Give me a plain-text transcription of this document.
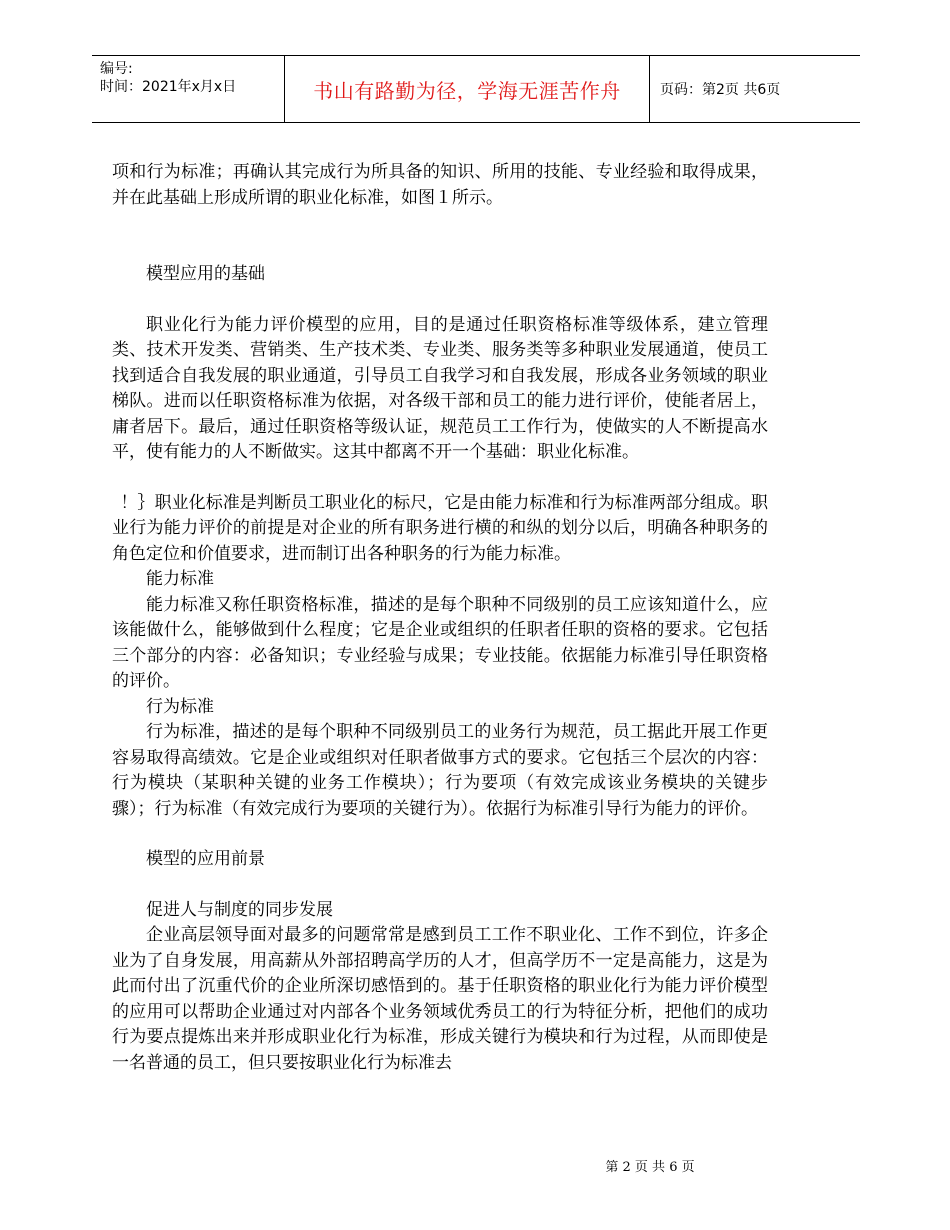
编号:
时间：2021年x月x日	书山有路勤为径，学海无涯苦作舟	页码：第2页 共6页

项和行为标准；再确认其完成行为所具备的知识、所用的技能、专业经验和取得成果，并在此基础上形成所谓的职业化标准，如图１所示。

模型应用的基础

职业化行为能力评价模型的应用，目的是通过任职资格标准等级体系，建立管理类、技术开发类、营销类、生产技术类、专业类、服务类等多种职业发展通道，使员工找到适合自我发展的职业通道，引导员工自我学习和自我发展，形成各业务领域的职业梯队。进而以任职资格标准为依据，对各级干部和员工的能力进行评价，使能者居上，庸者居下。最后，通过任职资格等级认证，规范员工工作行为，使做实的人不断提高水平，使有能力的人不断做实。这其中都离不开一个基础：职业化标准。

！｝职业化标准是判断员工职业化的标尺，它是由能力标准和行为标准两部分组成。职业行为能力评价的前提是对企业的所有职务进行横的和纵的划分以后，明确各种职务的角色定位和价值要求，进而制订出各种职务的行为能力标准。

能力标准

能力标准又称任职资格标准，描述的是每个职种不同级别的员工应该知道什么，应该能做什么，能够做到什么程度；它是企业或组织的任职者任职的资格的要求。它包括三个部分的内容：必备知识；专业经验与成果；专业技能。依据能力标准引导任职资格的评价。

行为标准

行为标准，描述的是每个职种不同级别员工的业务行为规范，员工据此开展工作更容易取得高绩效。它是企业或组织对任职者做事方式的要求。它包括三个层次的内容：行为模块（某职种关键的业务工作模块）；行为要项（有效完成该业务模块的关键步骤）；行为标准（有效完成行为要项的关键行为）。依据行为标准引导行为能力的评价。

模型的应用前景

促进人与制度的同步发展

企业高层领导面对最多的问题常常是感到员工工作不职业化、工作不到位，许多企业为了自身发展，用高薪从外部招聘高学历的人才，但高学历不一定是高能力，这是为此而付出了沉重代价的企业所深切感悟到的。基于任职资格的职业化行为能力评价模型的应用可以帮助企业通过对内部各个业务领域优秀员工的行为特征分析，把他们的成功行为要点提炼出来并形成职业化行为标准，形成关键行为模块和行为过程，从而即使是一名普通的员工，但只要按职业化行为标准去

第 2 页 共 6 页
